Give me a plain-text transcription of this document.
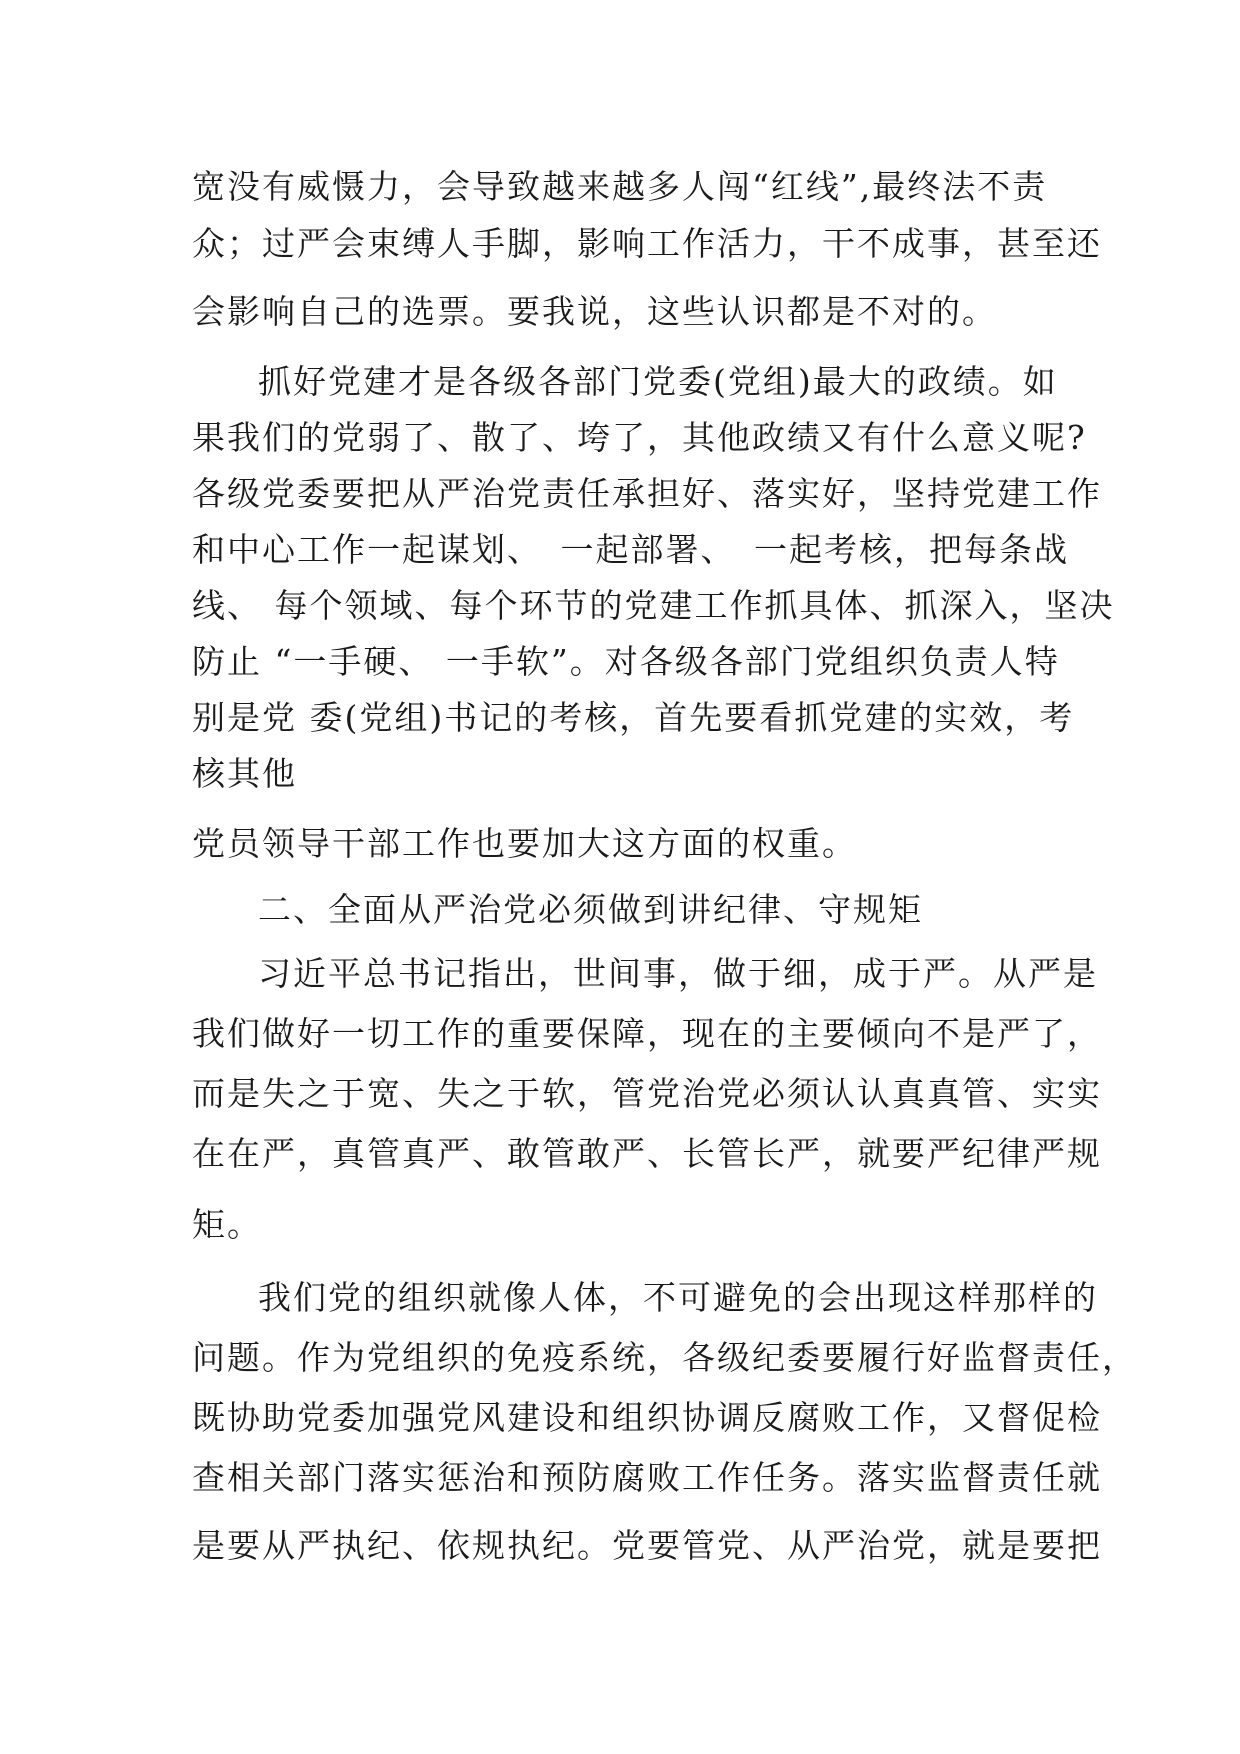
宽没有威慑力，会导致越来越多人闯“红线”,最终法不责
众；过严会束缚人手脚，影响工作活力，干不成事，甚至还
会影响自己的选票。要我说，这些认识都是不对的。
抓好党建才是各级各部门党委(党组)最大的政绩。如
果我们的党弱了、散了、垮了，其他政绩又有什么意义呢?
各级党委要把从严治党责任承担好、落实好，坚持党建工作
和中心工作一起谋划、　一起部署、　一起考核，把每条战
线、 每个领域、每个环节的党建工作抓具体、抓深入，坚决
防止 “一手硬、 一手软”。对各级各部门党组织负责人特
别是党 委(党组)书记的考核，首先要看抓党建的实效，考
核其他
党员领导干部工作也要加大这方面的权重。
二、全面从严治党必须做到讲纪律、守规矩
习近平总书记指出，世间事，做于细，成于严。从严是
我们做好一切工作的重要保障，现在的主要倾向不是严了，
而是失之于宽、失之于软，管党治党必须认认真真管、实实
在在严，真管真严、敢管敢严、长管长严，就要严纪律严规
矩。
我们党的组织就像人体，不可避免的会出现这样那样的
问题。作为党组织的免疫系统，各级纪委要履行好监督责任，
既协助党委加强党风建设和组织协调反腐败工作，又督促检
查相关部门落实惩治和预防腐败工作任务。落实监督责任就
是要从严执纪、依规执纪。党要管党、从严治党，就是要把
